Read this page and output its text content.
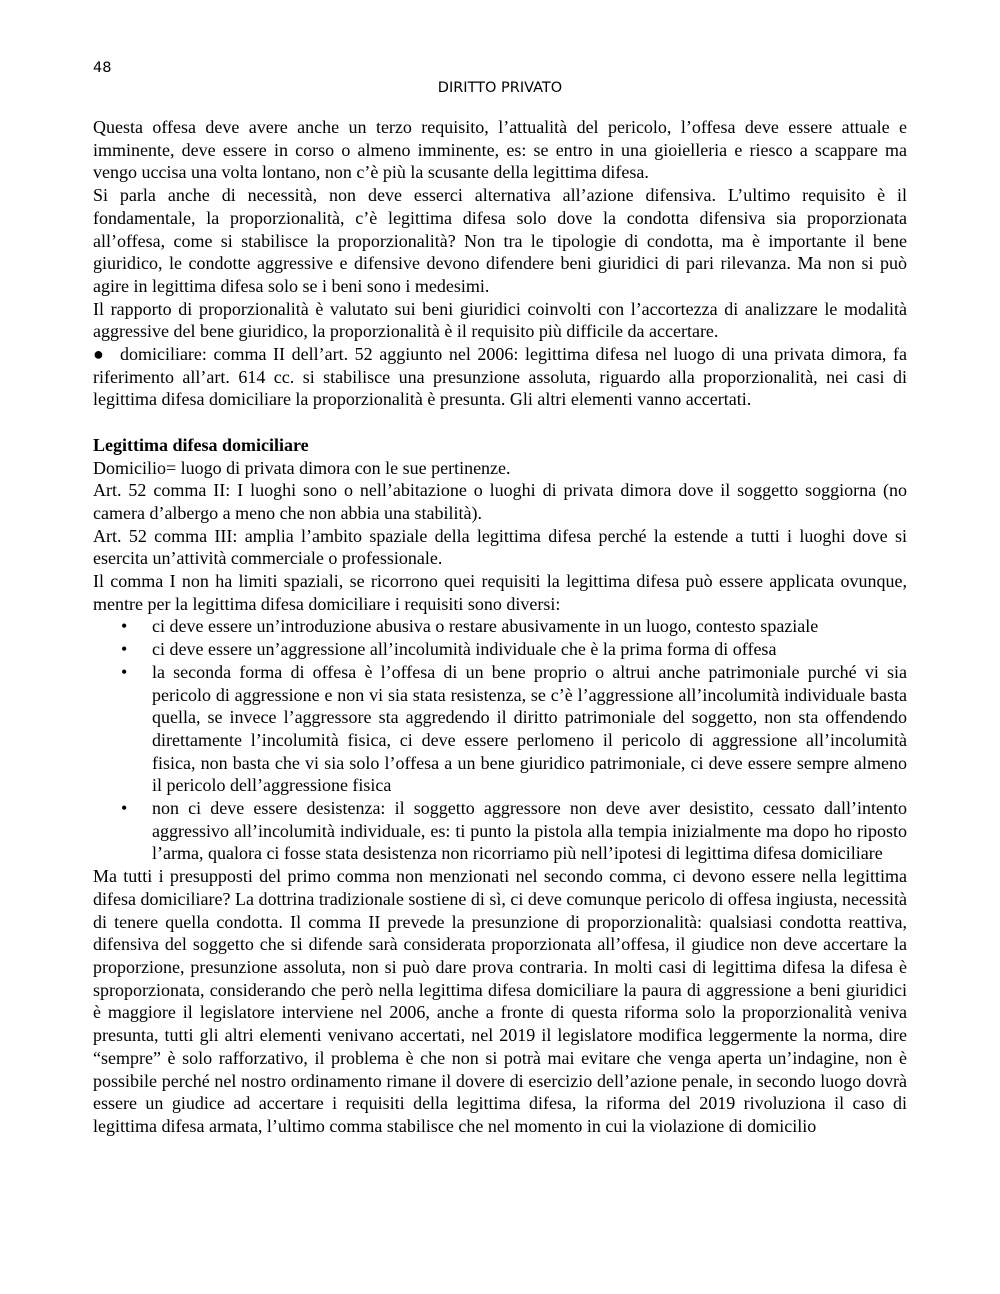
48
DIRITTO PRIVATO

Questa offesa deve avere anche un terzo requisito, l’attualità del pericolo, l’offesa deve essere attuale e imminente, deve essere in corso o almeno imminente, es: se entro in una gioielleria e riesco a scappare ma vengo uccisa una volta lontano, non c’è più la scusante della legittima difesa.

Si parla anche di necessità, non deve esserci alternativa all’azione difensiva. L’ultimo requisito è il fondamentale, la proporzionalità, c’è legittima difesa solo dove la condotta difensiva sia proporzionata all’offesa, come si stabilisce la proporzionalità? Non tra le tipologie di condotta, ma è importante il bene giuridico, le condotte aggressive e difensive devono difendere beni giuridici di pari rilevanza. Ma non si può agire in legittima difesa solo se i beni sono i medesimi.

Il rapporto di proporzionalità è valutato sui beni giuridici coinvolti con l’accortezza di analizzare le modalità aggressive del bene giuridico, la proporzionalità è il requisito più difficile da accertare.

● domiciliare: comma II dell’art. 52 aggiunto nel 2006: legittima difesa nel luogo di una privata dimora, fa riferimento all’art. 614 cc. si stabilisce una presunzione assoluta, riguardo alla proporzionalità, nei casi di legittima difesa domiciliare la proporzionalità è presunta. Gli altri elementi vanno accertati.

Legittima difesa domiciliare

Domicilio= luogo di privata dimora con le sue pertinenze.

Art. 52 comma II: I luoghi sono o nell’abitazione o luoghi di privata dimora dove il soggetto soggiorna (no camera d’albergo a meno che non abbia una stabilità).

Art. 52 comma III: amplia l’ambito spaziale della legittima difesa perché la estende a tutti i luoghi dove si esercita un’attività commerciale o professionale.

Il comma I non ha limiti spaziali, se ricorrono quei requisiti la legittima difesa può essere applicata ovunque, mentre per la legittima difesa domiciliare i requisiti sono diversi:

• ci deve essere un’introduzione abusiva o restare abusivamente in un luogo, contesto spaziale
• ci deve essere un’aggressione all’incolumità individuale che è la prima forma di offesa
• la seconda forma di offesa è l’offesa di un bene proprio o altrui anche patrimoniale purché vi sia pericolo di aggressione e non vi sia stata resistenza, se c’è l’aggressione all’incolumità individuale basta quella, se invece l’aggressore sta aggredendo il diritto patrimoniale del soggetto, non sta offendendo direttamente l’incolumità fisica, ci deve essere perlomeno il pericolo di aggressione all’incolumità fisica, non basta che vi sia solo l’offesa a un bene giuridico patrimoniale, ci deve essere sempre almeno il pericolo dell’aggressione fisica
• non ci deve essere desistenza: il soggetto aggressore non deve aver desistito, cessato dall’intento aggressivo all’incolumità individuale, es: ti punto la pistola alla tempia inizialmente ma dopo ho riposto l’arma, qualora ci fosse stata desistenza non ricorriamo più nell’ipotesi di legittima difesa domiciliare

Ma tutti i presupposti del primo comma non menzionati nel secondo comma, ci devono essere nella legittima difesa domiciliare? La dottrina tradizionale sostiene di sì, ci deve comunque pericolo di offesa ingiusta, necessità di tenere quella condotta. Il comma II prevede la presunzione di proporzionalità: qualsiasi condotta reattiva, difensiva del soggetto che si difende sarà considerata proporzionata all’offesa, il giudice non deve accertare la proporzione, presunzione assoluta, non si può dare prova contraria. In molti casi di legittima difesa la difesa è sproporzionata, considerando che però nella legittima difesa domiciliare la paura di aggressione a beni giuridici è maggiore il legislatore interviene nel 2006, anche a fronte di questa riforma solo la proporzionalità veniva presunta, tutti gli altri elementi venivano accertati, nel 2019 il legislatore modifica leggermente la norma, dire “sempre” è solo rafforzativo, il problema è che non si potrà mai evitare che venga aperta un’indagine, non è possibile perché nel nostro ordinamento rimane il dovere di esercizio dell’azione penale, in secondo luogo dovrà essere un giudice ad accertare i requisiti della legittima difesa, la riforma del 2019 rivoluziona il caso di legittima difesa armata, l’ultimo comma stabilisce che nel momento in cui la violazione di domicilio
